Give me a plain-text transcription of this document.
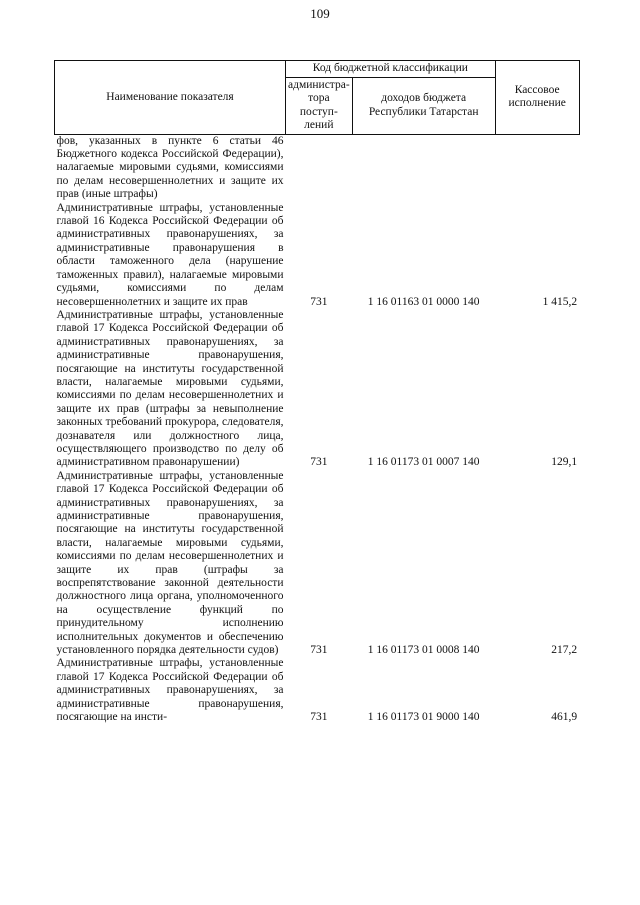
109
Наименование показателя	Код бюджетной классификации		Кассовое исполнение
	администра-тора поступ-лений	доходов бюджета Республики Татарстан	
фов, указанных в пункте 6 статьи 46 Бюджетного кодекса Российской Федерации), налагаемые мировыми судьями, комиссиями по делам несовершеннолетних и защите их прав (иные штрафы)			
Административные штрафы, установленные главой 16 Кодекса Российской Федерации об административных правонарушениях, за административные правонарушения в области таможенного дела (нарушение таможенных правил), налагаемые мировыми судьями, комиссиями по делам несовершеннолетних и защите их прав	731	1 16 01163 01 0000 140	1 415,2
Административные штрафы, установленные главой 17 Кодекса Российской Федерации об административных правонарушениях, за административные правонарушения, посягающие на институты государственной власти, налагаемые мировыми судьями, комиссиями по делам несовершеннолетних и защите их прав (штрафы за невыполнение законных требований прокурора, следователя, дознавателя или должностного лица, осуществляющего производство по делу об административном правонарушении)	731	1 16 01173 01 0007 140	129,1
Административные штрафы, установленные главой 17 Кодекса Российской Федерации об административных правонарушениях, за административные правонарушения, посягающие на институты государственной власти, налагаемые мировыми судьями, комиссиями по делам несовершеннолетних и защите их прав (штрафы за воспрепятствование законной деятельности должностного лица органа, уполномоченного на осуществление функций по принудительному исполнению исполнительных документов и обеспечению установленного порядка деятельности судов)	731	1 16 01173 01 0008 140	217,2
Административные штрафы, установленные главой 17 Кодекса Российской Федерации об административных правонарушениях, за административные правонарушения, посягающие на инсти-	731	1 16 01173 01 9000 140	461,9
